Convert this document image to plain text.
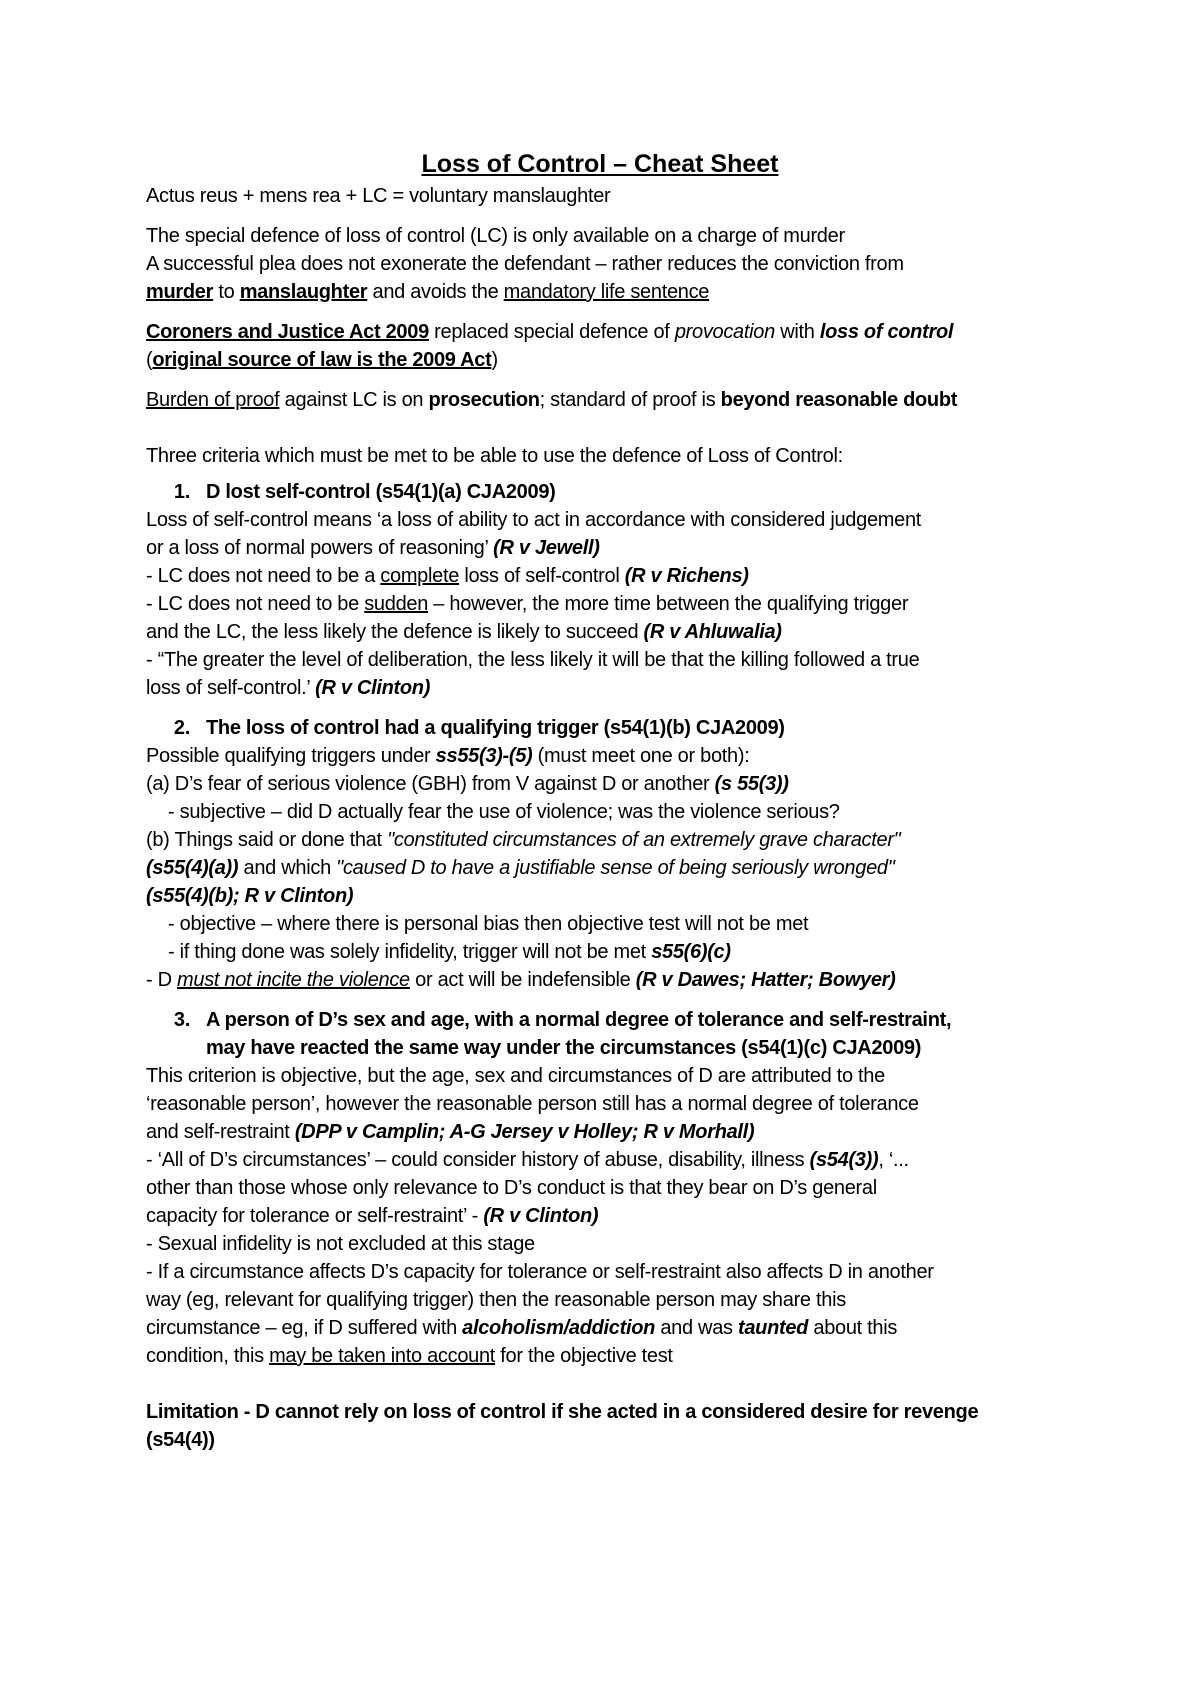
Loss of Control – Cheat Sheet
Actus reus + mens rea + LC = voluntary manslaughter
The special defence of loss of control (LC) is only available on a charge of murder
A successful plea does not exonerate the defendant – rather reduces the conviction from
murder to manslaughter and avoids the mandatory life sentence
Coroners and Justice Act 2009 replaced special defence of provocation with loss of control
(original source of law is the 2009 Act)
Burden of proof against LC is on prosecution; standard of proof is beyond reasonable doubt
Three criteria which must be met to be able to use the defence of Loss of Control:
1. D lost self-control (s54(1)(a) CJA2009)
Loss of self-control means ‘a loss of ability to act in accordance with considered judgement
or a loss of normal powers of reasoning’ (R v Jewell)
- LC does not need to be a complete loss of self-control (R v Richens)
- LC does not need to be sudden – however, the more time between the qualifying trigger
and the LC, the less likely the defence is likely to succeed (R v Ahluwalia)
- “The greater the level of deliberation, the less likely it will be that the killing followed a true
loss of self-control.’ (R v Clinton)
2. The loss of control had a qualifying trigger (s54(1)(b) CJA2009)
Possible qualifying triggers under ss55(3)-(5) (must meet one or both):
(a) D’s fear of serious violence (GBH) from V against D or another (s 55(3))
- subjective – did D actually fear the use of violence; was the violence serious?
(b) Things said or done that "constituted circumstances of an extremely grave character"
(s55(4)(a)) and which "caused D to have a justifiable sense of being seriously wronged"
(s55(4)(b); R v Clinton)
- objective – where there is personal bias then objective test will not be met
- if thing done was solely infidelity, trigger will not be met s55(6)(c)
- D must not incite the violence or act will be indefensible (R v Dawes; Hatter; Bowyer)
3. A person of D’s sex and age, with a normal degree of tolerance and self-restraint,
may have reacted the same way under the circumstances (s54(1)(c) CJA2009)
This criterion is objective, but the age, sex and circumstances of D are attributed to the
‘reasonable person’, however the reasonable person still has a normal degree of tolerance
and self-restraint (DPP v Camplin; A-G Jersey v Holley; R v Morhall)
- ‘All of D’s circumstances’ – could consider history of abuse, disability, illness (s54(3)), ‘...
other than those whose only relevance to D’s conduct is that they bear on D’s general
capacity for tolerance or self-restraint’ - (R v Clinton)
- Sexual infidelity is not excluded at this stage
- If a circumstance affects D’s capacity for tolerance or self-restraint also affects D in another
way (eg, relevant for qualifying trigger) then the reasonable person may share this
circumstance – eg, if D suffered with alcoholism/addiction and was taunted about this
condition, this may be taken into account for the objective test
Limitation - D cannot rely on loss of control if she acted in a considered desire for revenge
(s54(4))
